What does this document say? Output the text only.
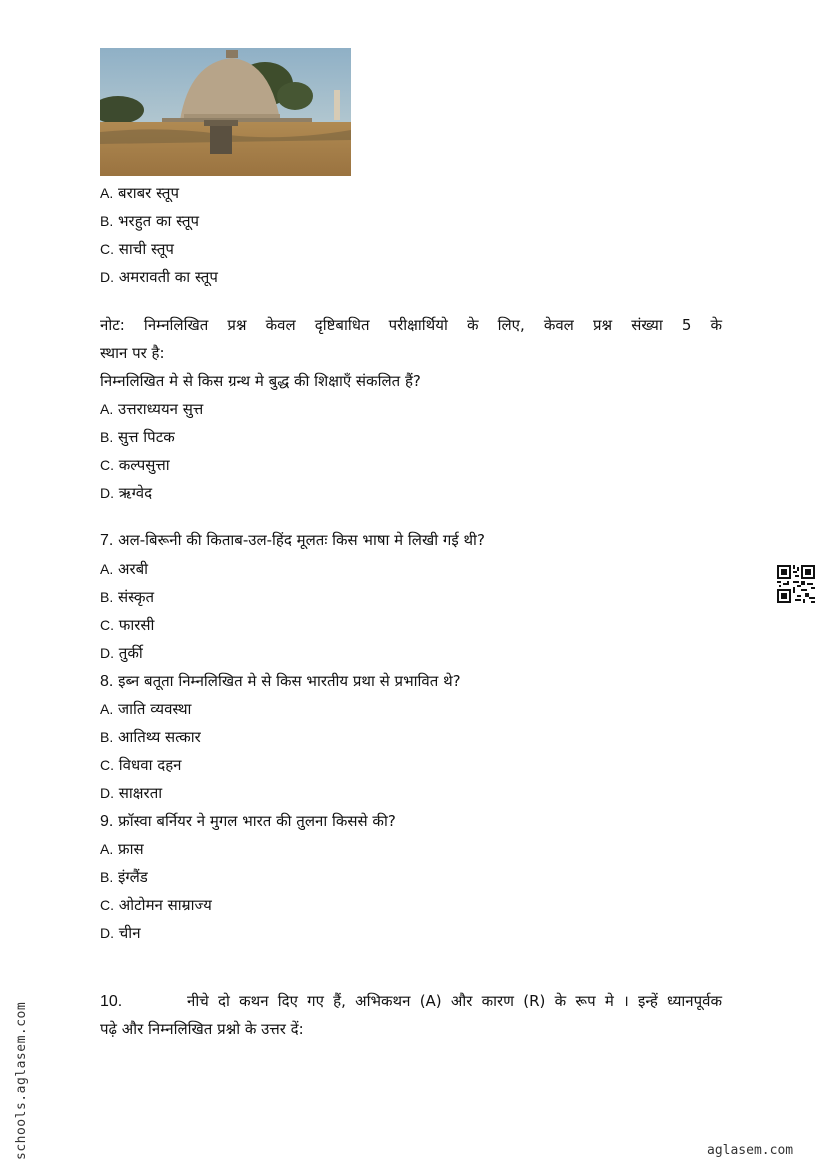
A. बराबर स्तूप
B. भरहुत का स्तूप
C. साची स्तूप
D. अमरावती का स्तूप
नोट: निम्नलिखित प्रश्न केवल दृष्टिबाधित परीक्षार्थियो के लिए, केवल प्रश्न संख्या 5 के
स्थान पर है:
निम्नलिखित मे से किस ग्रन्थ मे बुद्ध की शिक्षाएँ संकलित हैं?
A. उत्तराध्ययन सुत्त
B. सुत्त पिटक
C. कल्पसुत्ता
D. ऋग्वेद
7. अल-बिरूनी की किताब-उल-हिंद मूलतः किस भाषा मे लिखी गई थी?
A. अरबी
B. संस्कृत
C. फारसी
D. तुर्की
8. इब्न बतूता निम्नलिखित मे से किस भारतीय प्रथा से प्रभावित थे?
A. जाति व्यवस्था
B. आतिथ्य सत्कार
C. विधवा दहन
D. साक्षरता
9. फ्रॉस्वा बर्नियर ने मुगल भारत की तुलना किससे की?
A. फ्रास
B. इंग्लैंड
C. ओटोमन साम्राज्य
D. चीन
10.	नीचे दो कथन दिए गए हैं, अभिकथन (A) और कारण (R) के रूप मे । इन्हें ध्यानपूर्वक
पढ़े और निम्नलिखित प्रश्नो के उत्तर दें:
schools.aglasem.com	aglasem.com
